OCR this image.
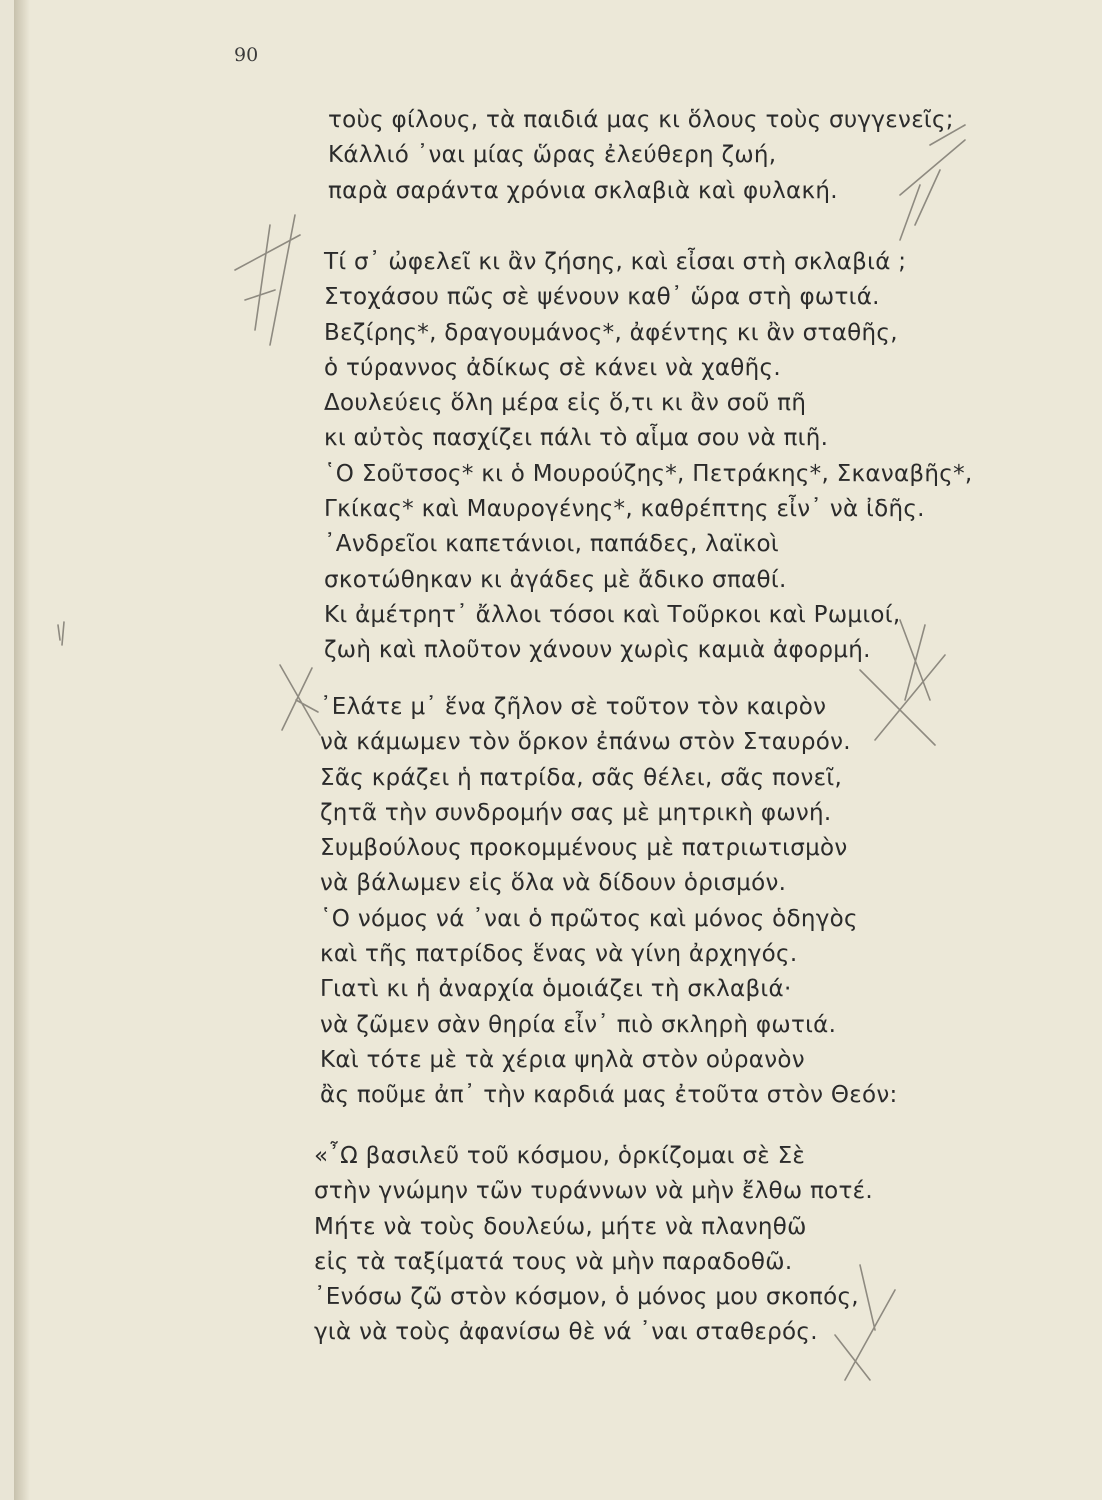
90

τοὺς φίλους, τὰ παιδιά μας κι ὅλους τοὺς συγγενεῖς;
Κάλλιό ᾽ναι μίας ὥρας ἐλεύθερη ζωή,
παρὰ σαράντα χρόνια σκλαβιὰ καὶ φυλακή.
Τί σ᾽ ὠφελεῖ κι ἂν ζήσης, καὶ εἶσαι στὴ σκλαβιά ;
Στοχάσου πῶς σὲ ψένουν καθ᾽ ὥρα στὴ φωτιά.
Βεζίρης*, δραγουμάνος*, ἀφέντης κι ἂν σταθῆς,
ὁ τύραννος ἀδίκως σὲ κάνει νὰ χαθῆς.
Δουλεύεις ὅλη μέρα εἰς ὅ,τι κι ἂν σοῦ πῆ
κι αὐτὸς πασχίζει πάλι τὸ αἷμα σου νὰ πιῆ.
῾Ο Σοῦτσος* κι ὁ Μουρούζης*, Πετράκης*, Σκαναβῆς*,
Γκίκας* καὶ Μαυρογένης*, καθρέπτης εἶν᾽ νὰ ἰδῆς.
᾽Ανδρεῖοι καπετάνιοι, παπάδες, λαϊκοὶ
σκοτώθηκαν κι ἀγάδες μὲ ἄδικο σπαθί.
Κι ἀμέτρητ᾽ ἄλλοι τόσοι καὶ Τοῦρκοι καὶ Ρωμιοί,
ζωὴ καὶ πλοῦτον χάνουν χωρὶς καμιὰ ἀφορμή.
᾽Ελάτε μ᾽ ἕνα ζῆλον σὲ τοῦτον τὸν καιρὸν
νὰ κάμωμεν τὸν ὅρκον ἐπάνω στὸν Σταυρόν.
Σᾶς κράζει ἡ πατρίδα, σᾶς θέλει, σᾶς πονεῖ,
ζητᾶ τὴν συνδρομήν σας μὲ μητρικὴ φωνή.
Συμβούλους προκομμένους μὲ πατριωτισμὸν
νὰ βάλωμεν εἰς ὅλα νὰ δίδουν ὁρισμόν.
῾Ο νόμος νά ᾽ναι ὁ πρῶτος καὶ μόνος ὁδηγὸς
καὶ τῆς πατρίδος ἕνας νὰ γίνη ἀρχηγός.
Γιατὶ κι ἡ ἀναρχία ὁμοιάζει τὴ σκλαβιά·
νὰ ζῶμεν σὰν θηρία εἶν᾽ πιὸ σκληρὴ φωτιά.
Καὶ τότε μὲ τὰ χέρια ψηλὰ στὸν οὐρανὸν
ἂς ποῦμε ἀπ᾽ τὴν καρδιά μας ἐτοῦτα στὸν Θεόν:
«῏Ω βασιλεῦ τοῦ κόσμου, ὁρκίζομαι σὲ Σὲ
στὴν γνώμην τῶν τυράννων νὰ μὴν ἔλθω ποτέ.
Μήτε νὰ τοὺς δουλεύω, μήτε νὰ πλανηθῶ
εἰς τὰ ταξίματά τους νὰ μὴν παραδοθῶ.
᾽Ενόσω ζῶ στὸν κόσμον, ὁ μόνος μου σκοπός,
γιὰ νὰ τοὺς ἀφανίσω θὲ νά ᾽ναι σταθερός.
